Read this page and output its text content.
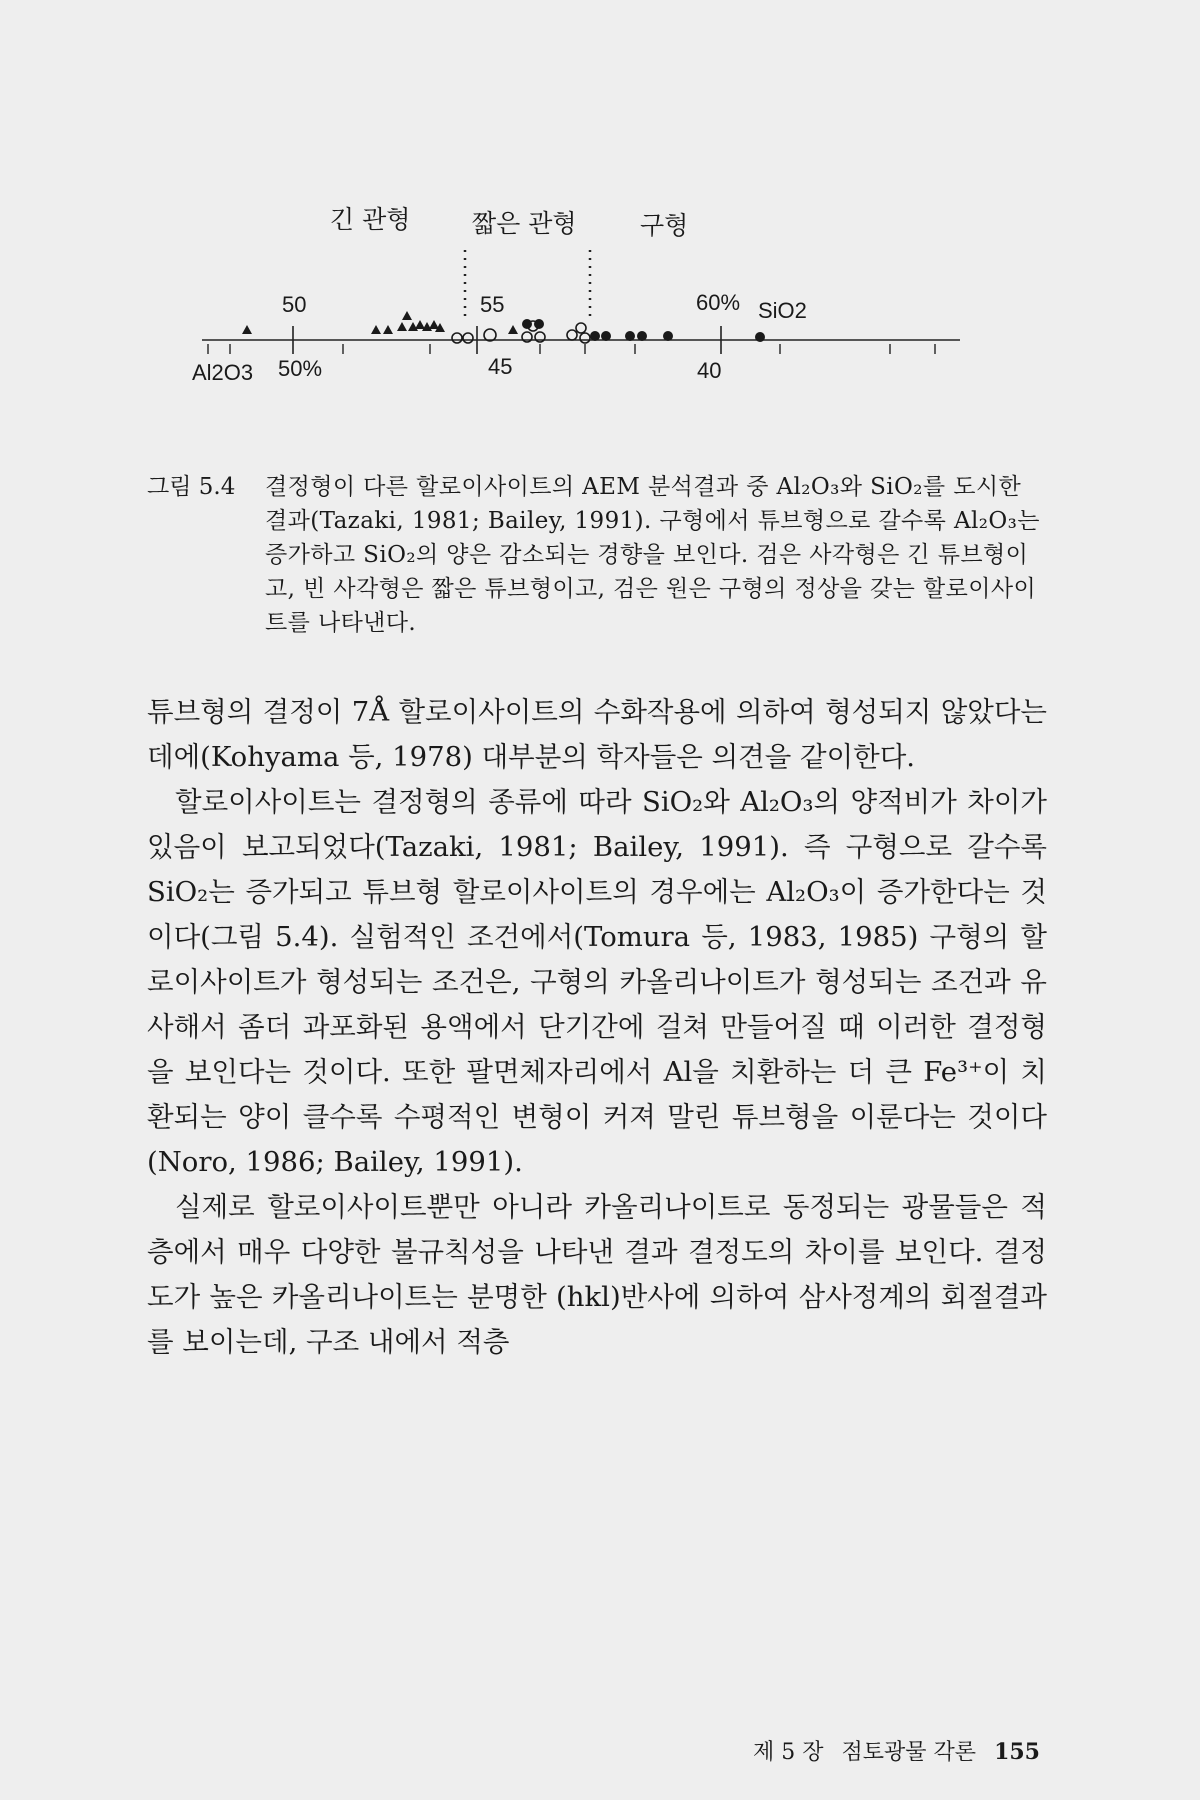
긴 관형 짧은 관형	구형
50	55	60% SiO2
Al2O3 50%	45	40
그림 5.4 결정형이 다른 할로이사이트의 AEM 분석결과 중 Al₂O₃와 SiO₂를 도시한 결과(Tazaki, 1981; Bailey, 1991). 구형에서 튜브형으로 갈수록 Al₂O₃는 증가하고 SiO₂의 양은 감소되는 경향을 보인다. 검은 사각형은 긴 튜브형이고, 빈 사각형은 짧은 튜브형이고, 검은 원은 구형의 정상을 갖는 할로이사이트를 나타낸다.

튜브형의 결정이 7Å 할로이사이트의 수화작용에 의하여 형성되지 않았다는 데에(Kohyama 등, 1978) 대부분의 학자들은 의견을 같이한다.

할로이사이트는 결정형의 종류에 따라 SiO₂와 Al₂O₃의 양적비가 차이가 있음이 보고되었다(Tazaki, 1981; Bailey, 1991). 즉 구형으로 갈수록 SiO₂는 증가되고 튜브형 할로이사이트의 경우에는 Al₂O₃이 증가한다는 것이다(그림 5.4). 실험적인 조건에서(Tomura 등, 1983, 1985) 구형의 할로이사이트가 형성되는 조건은, 구형의 카올리나이트가 형성되는 조건과 유사해서 좀더 과포화된 용액에서 단기간에 걸쳐 만들어질 때 이러한 결정형을 보인다는 것이다. 또한 팔면체자리에서 Al을 치환하는 더 큰 Fe³⁺이 치환되는 양이 클수록 수평적인 변형이 커져 말린 튜브형을 이룬다는 것이다(Noro, 1986; Bailey, 1991).

실제로 할로이사이트뿐만 아니라 카올리나이트로 동정되는 광물들은 적층에서 매우 다양한 불규칙성을 나타낸 결과 결정도의 차이를 보인다. 결정도가 높은 카올리나이트는 분명한 (hkl)반사에 의하여 삼사정계의 회절결과를 보이는데, 구조 내에서 적층

제 5 장 점토광물 각론 155
